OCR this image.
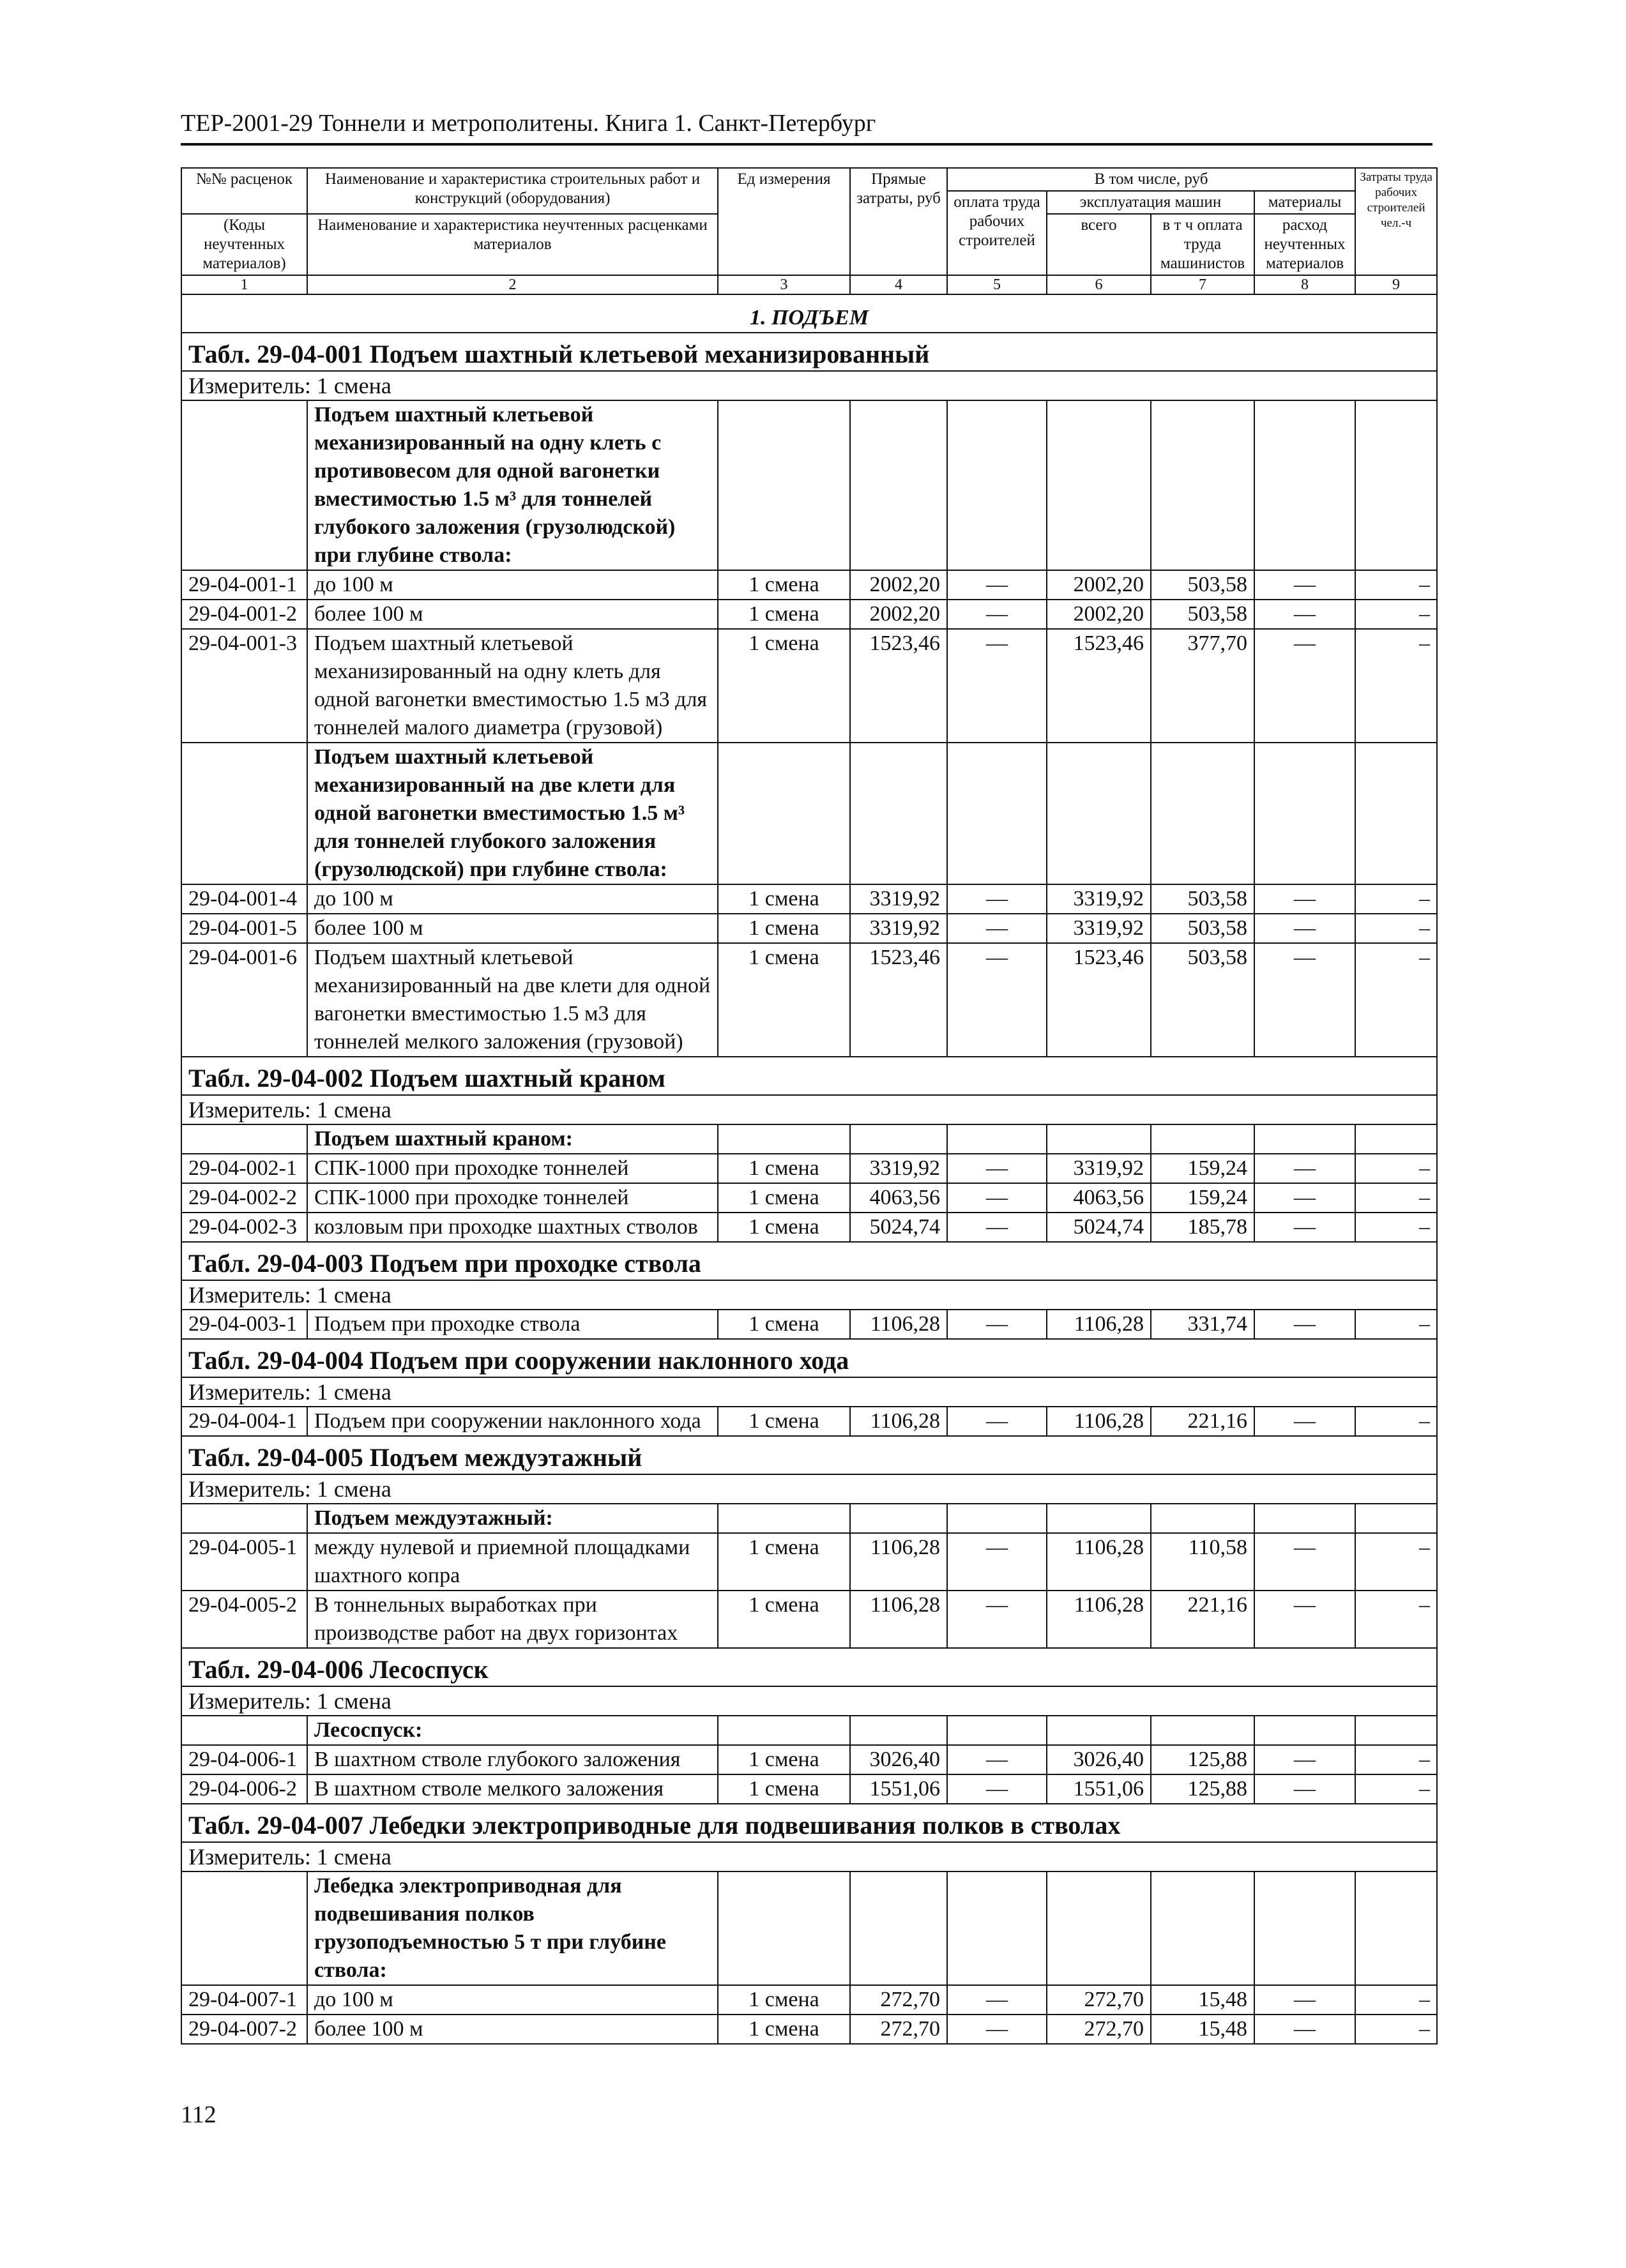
ТЕР-2001-29 Тоннели и метрополитены. Книга 1. Санкт-Петербург
№№ расценок	Наименование и характеристика строительных работ и конструкций (оборудования)	Ед измерения	Прямые затраты, руб	В том числе, руб				Затраты труда рабочих строителей чел.-ч
				оплата труда рабочих строителей	эксплуатация машин		материалы	
(Коды неучтенных материалов)	Наименование и характеристика неучтенных расценками материалов				всего	в т ч оплата труда машинистов	расход неучтенных материалов	

1	2	3	4	5	6	7	8	9
1. ПОДЪЕМ								
Табл. 29-04-001 Подъем шахтный клетьевой механизированный								
Измеритель: 1 смена								
	Подъем шахтный клетьевой механизированный на одну клеть с противовесом для одной вагонетки вместимостью 1.5 м³ для тоннелей глубокого заложения (грузолюдской) при глубине ствола:							
29-04-001-1	до 100 м	1 смена	2002,20	—	2002,20	503,58	—	–
29-04-001-2	более 100 м	1 смена	2002,20	—	2002,20	503,58	—	–
29-04-001-3	Подъем шахтный клетьевой механизированный на одну клеть для одной вагонетки вместимостью 1.5 м3 для тоннелей малого диаметра (грузовой)	1 смена	1523,46	—	1523,46	377,70	—	–
	Подъем шахтный клетьевой механизированный на две клети для одной вагонетки вместимостью 1.5 м³ для тоннелей глубокого заложения (грузолюдской) при глубине ствола:							
29-04-001-4	до 100 м	1 смена	3319,92	—	3319,92	503,58	—	–
29-04-001-5	более 100 м	1 смена	3319,92	—	3319,92	503,58	—	–
29-04-001-6	Подъем шахтный клетьевой механизированный на две клети для одной вагонетки вместимостью 1.5 м3 для тоннелей мелкого заложения (грузовой)	1 смена	1523,46	—	1523,46	503,58	—	–
Табл. 29-04-002 Подъем шахтный краном								
Измеритель: 1 смена								
	Подъем шахтный краном:							
29-04-002-1	СПК-1000 при проходке тоннелей	1 смена	3319,92	—	3319,92	159,24	—	–
29-04-002-2	СПК-1000 при проходке тоннелей	1 смена	4063,56	—	4063,56	159,24	—	–
29-04-002-3	козловым при проходке шахтных стволов	1 смена	5024,74	—	5024,74	185,78	—	–
Табл. 29-04-003 Подъем при проходке ствола								
Измеритель: 1 смена								
29-04-003-1	Подъем при проходке ствола	1 смена	1106,28	—	1106,28	331,74	—	–
Табл. 29-04-004 Подъем при сооружении наклонного хода								
Измеритель: 1 смена								
29-04-004-1	Подъем при сооружении наклонного хода	1 смена	1106,28	—	1106,28	221,16	—	–
Табл. 29-04-005 Подъем междуэтажный								
Измеритель: 1 смена								
	Подъем междуэтажный:							
29-04-005-1	между нулевой и приемной площадками шахтного копра	1 смена	1106,28	—	1106,28	110,58	—	–
29-04-005-2	В тоннельных выработках при производстве работ на двух горизонтах	1 смена	1106,28	—	1106,28	221,16	—	–
Табл. 29-04-006 Лесоспуск								
Измеритель: 1 смена								
	Лесоспуск:							
29-04-006-1	В шахтном стволе глубокого заложения	1 смена	3026,40	—	3026,40	125,88	—	–
29-04-006-2	В шахтном стволе мелкого заложения	1 смена	1551,06	—	1551,06	125,88	—	–
Табл. 29-04-007 Лебедки электроприводные для подвешивания полков в стволах								
Измеритель: 1 смена								
	Лебедка электроприводная для подвешивания полков грузоподъемностью 5 т при глубине ствола:							
29-04-007-1	до 100 м	1 смена	272,70	—	272,70	15,48	—	–
29-04-007-2	более 100 м	1 смена	272,70	—	272,70	15,48	—	–
112
